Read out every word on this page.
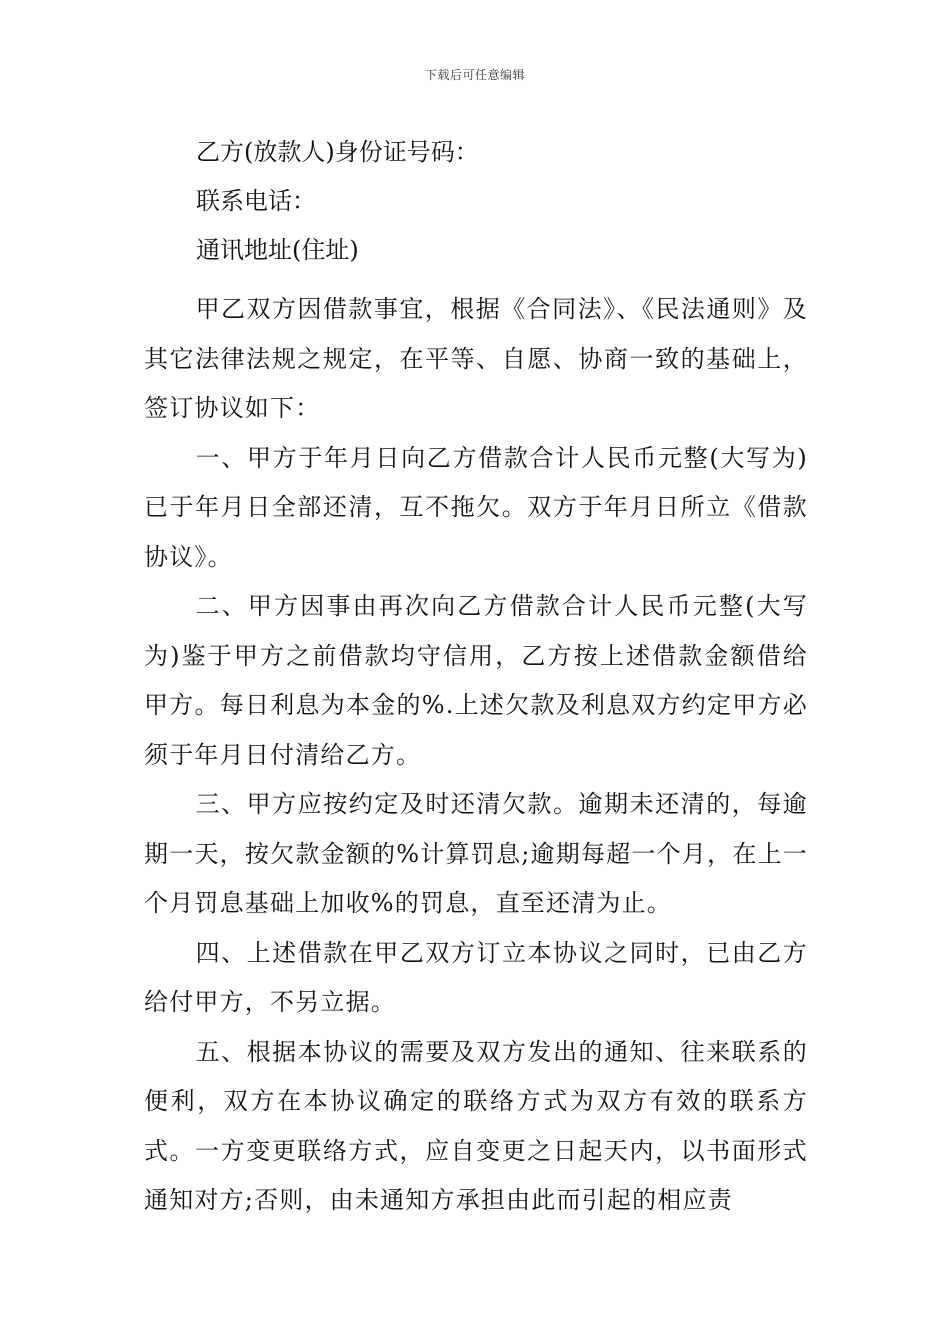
下载后可任意编辑
乙方(放款人)身份证号码：
联系电话：
通讯地址(住址)

甲乙双方因借款事宜，根据《合同法》、《民法通则》及其它法律法规之规定，在平等、自愿、协商一致的基础上，签订协议如下：

一、甲方于年月日向乙方借款合计人民币元整(大写为)已于年月日全部还清，互不拖欠。双方于年月日所立《借款协议》。

二、甲方因事由再次向乙方借款合计人民币元整(大写为)鉴于甲方之前借款均守信用，乙方按上述借款金额借给甲方。每日利息为本金的%.上述欠款及利息双方约定甲方必须于年月日付清给乙方。

三、甲方应按约定及时还清欠款。逾期未还清的，每逾期一天，按欠款金额的%计算罚息;逾期每超一个月，在上一个月罚息基础上加收%的罚息，直至还清为止。

四、上述借款在甲乙双方订立本协议之同时，已由乙方给付甲方，不另立据。

五、根据本协议的需要及双方发出的通知、往来联系的便利，双方在本协议确定的联络方式为双方有效的联系方式。一方变更联络方式，应自变更之日起天内，以书面形式通知对方;否则，由未通知方承担由此而引起的相应责
